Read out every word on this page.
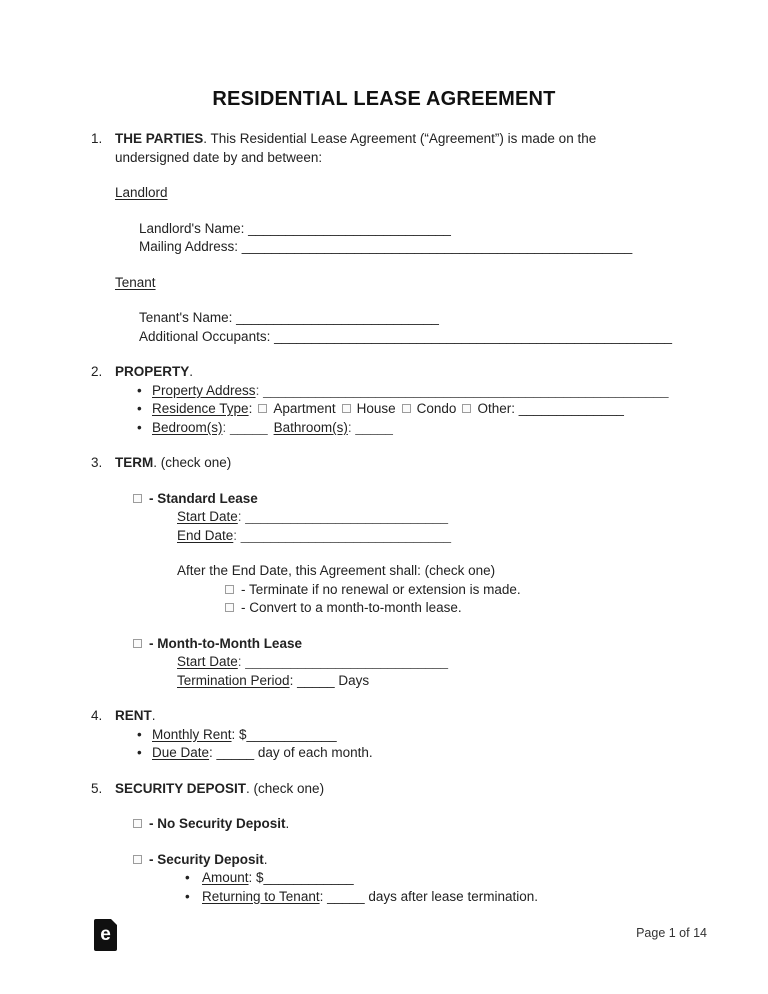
RESIDENTIAL LEASE AGREEMENT
1. THE PARTIES. This Residential Lease Agreement (“Agreement”) is made on the undersigned date by and between:
Landlord
Landlord's Name: ___________________________
Mailing Address: ____________________________________________________
Tenant
Tenant's Name: ___________________________
Additional Occupants: _____________________________________________________
2. PROPERTY.
• Property Address: ______________________________________________________
• Residence Type: Apartment House Condo Other: ______________
• Bedroom(s): _____ Bathroom(s): _____
3. TERM. (check one)
- Standard Lease
Start Date: ___________________________
End Date: ____________________________
After the End Date, this Agreement shall: (check one)
- Terminate if no renewal or extension is made.
- Convert to a month-to-month lease.
- Month-to-Month Lease
Start Date: ___________________________
Termination Period: _____ Days
4. RENT.
• Monthly Rent: $____________
• Due Date: _____ day of each month.
5. SECURITY DEPOSIT. (check one)
- No Security Deposit.
- Security Deposit.
• Amount: $____________
• Returning to Tenant: _____ days after lease termination.
e	Page 1 of 14
